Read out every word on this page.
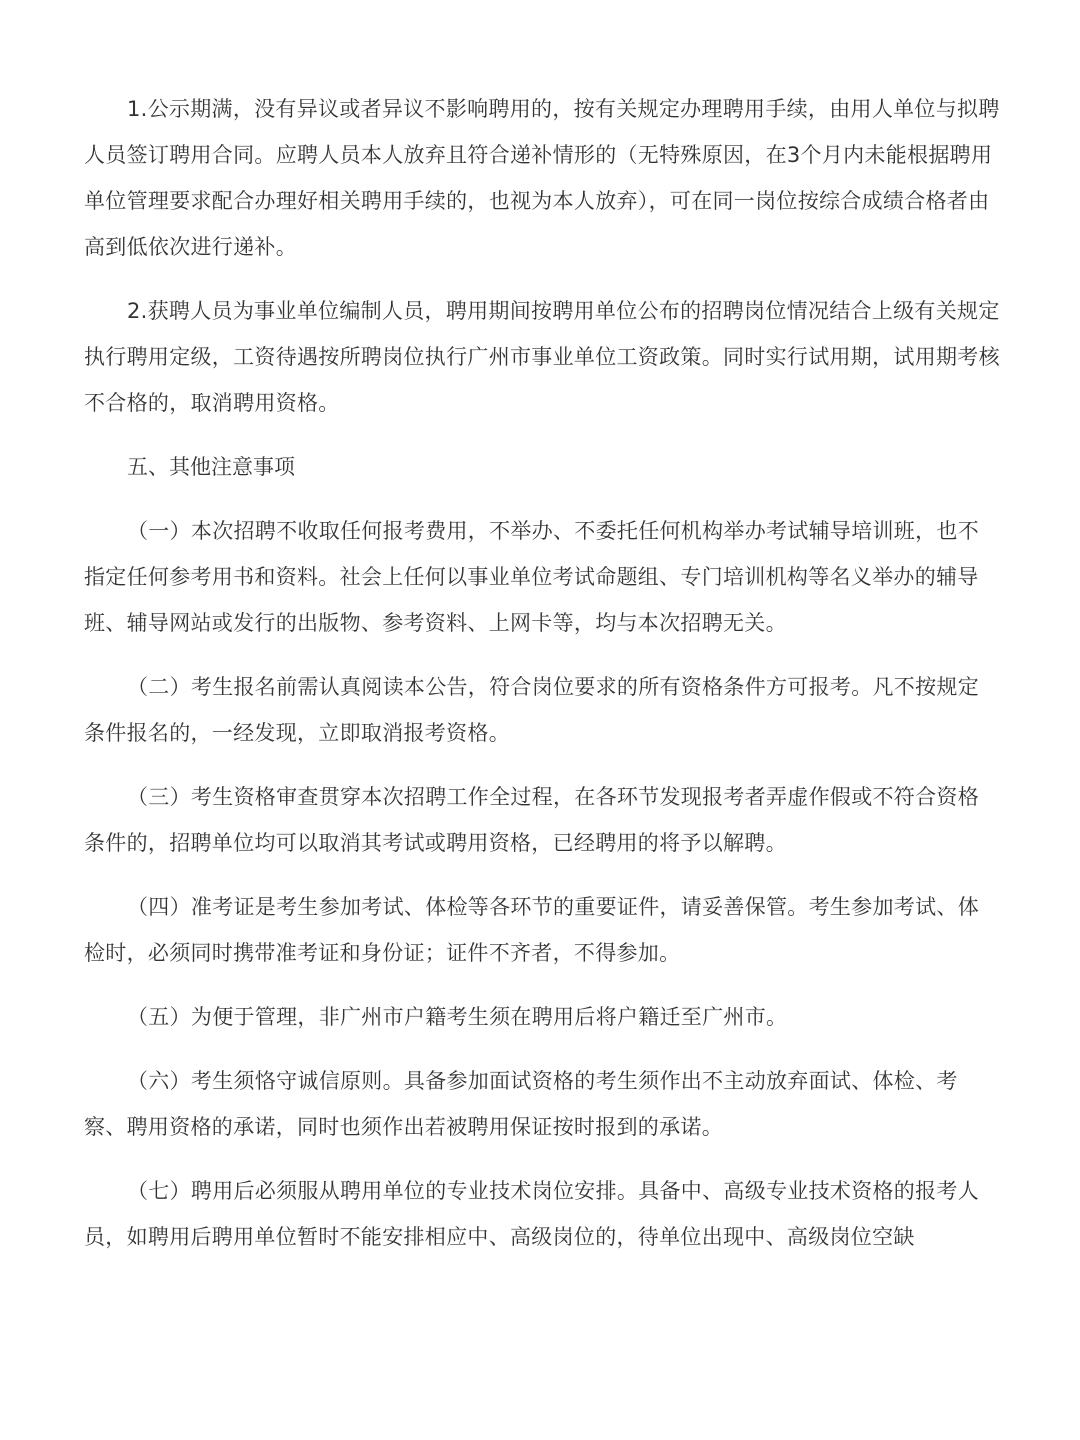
1.公示期满，没有异议或者异议不影响聘用的，按有关规定办理聘用手续，由用人单位与拟聘人员签订聘用合同。应聘人员本人放弃且符合递补情形的（无特殊原因，在3个月内未能根据聘用单位管理要求配合办理好相关聘用手续的，也视为本人放弃），可在同一岗位按综合成绩合格者由高到低依次进行递补。

2.获聘人员为事业单位编制人员，聘用期间按聘用单位公布的招聘岗位情况结合上级有关规定执行聘用定级，工资待遇按所聘岗位执行广州市事业单位工资政策。同时实行试用期，试用期考核不合格的，取消聘用资格。

五、其他注意事项

（一）本次招聘不收取任何报考费用，不举办、不委托任何机构举办考试辅导培训班，也不指定任何参考用书和资料。社会上任何以事业单位考试命题组、专门培训机构等名义举办的辅导班、辅导网站或发行的出版物、参考资料、上网卡等，均与本次招聘无关。

（二）考生报名前需认真阅读本公告，符合岗位要求的所有资格条件方可报考。凡不按规定条件报名的，一经发现，立即取消报考资格。

（三）考生资格审查贯穿本次招聘工作全过程，在各环节发现报考者弄虚作假或不符合资格条件的，招聘单位均可以取消其考试或聘用资格，已经聘用的将予以解聘。

（四）准考证是考生参加考试、体检等各环节的重要证件，请妥善保管。考生参加考试、体检时，必须同时携带准考证和身份证；证件不齐者，不得参加。

（五）为便于管理，非广州市户籍考生须在聘用后将户籍迁至广州市。

（六）考生须恪守诚信原则。具备参加面试资格的考生须作出不主动放弃面试、体检、考察、聘用资格的承诺，同时也须作出若被聘用保证按时报到的承诺。

（七）聘用后必须服从聘用单位的专业技术岗位安排。具备中、高级专业技术资格的报考人员，如聘用后聘用单位暂时不能安排相应中、高级岗位的，待单位出现中、高级岗位空缺
